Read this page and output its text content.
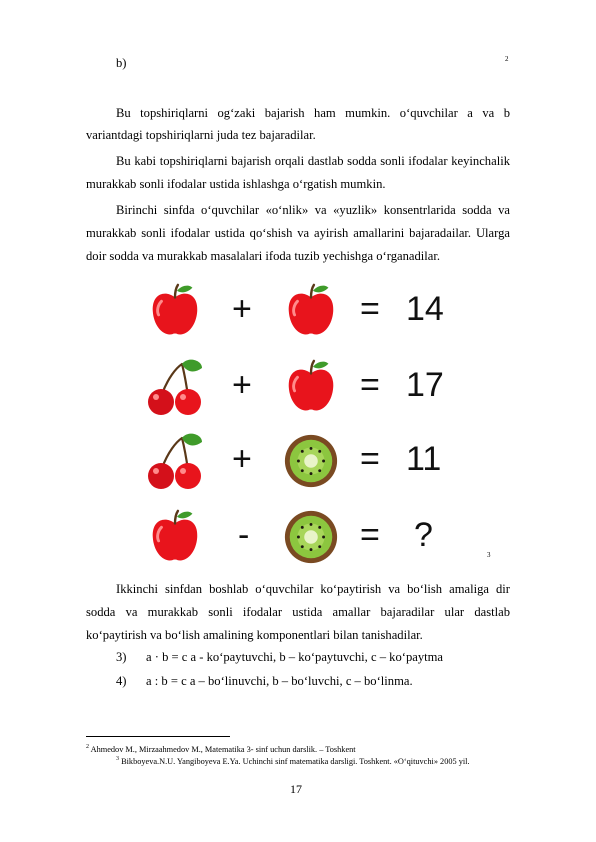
b)	2
Bu topshiriqlarni og‘zaki bajarish ham mumkin. o‘quvchilar a va b
variantdagi topshiriqlarni juda tez bajaradilar.
Bu kabi topshiriqlarni bajarish orqali dastlab sodda sonli ifodalar keyinchalik
murakkab sonli ifodalar ustida ishlashga o‘rgatish mumkin.
Birinchi sinfda o‘quvchilar «o‘nlik» va «yuzlik» konsentrlarida sodda va
murakkab sonli ifodalar ustida qo‘shish va ayirish amallarini bajaradailar. Ularga
doir sodda va murakkab masalalari ifoda tuzib yechishga o‘rganadilar.
+	= 14
+	= 17
+	= 11
-	= ?
3
Ikkinchi sinfdan boshlab o‘quvchilar ko‘paytirish va bo‘lish amaliga dir
sodda va murakkab sonli ifodalar ustida amallar bajaradilar ular dastlab
ko‘paytirish va bo‘lish amalining komponentlari bilan tanishadilar.
3) a · b = c a - ko‘paytuvchi, b – ko‘paytuvchi, c – ko‘paytma
4) a : b = c a – bo‘linuvchi, b – bo‘luvchi, c – bo‘linma.
$^2$ Ahmedov M., Mirzaahmedov M., Matematika 3- sinf uchun darslik. – Toshkent
$^3$ Bikboyeva.N.U. Yangiboyeva E.Ya. Uchinchi sinf matematika darsligi. Toshkent. «O‘qituvchi» 2005 yil.
17
